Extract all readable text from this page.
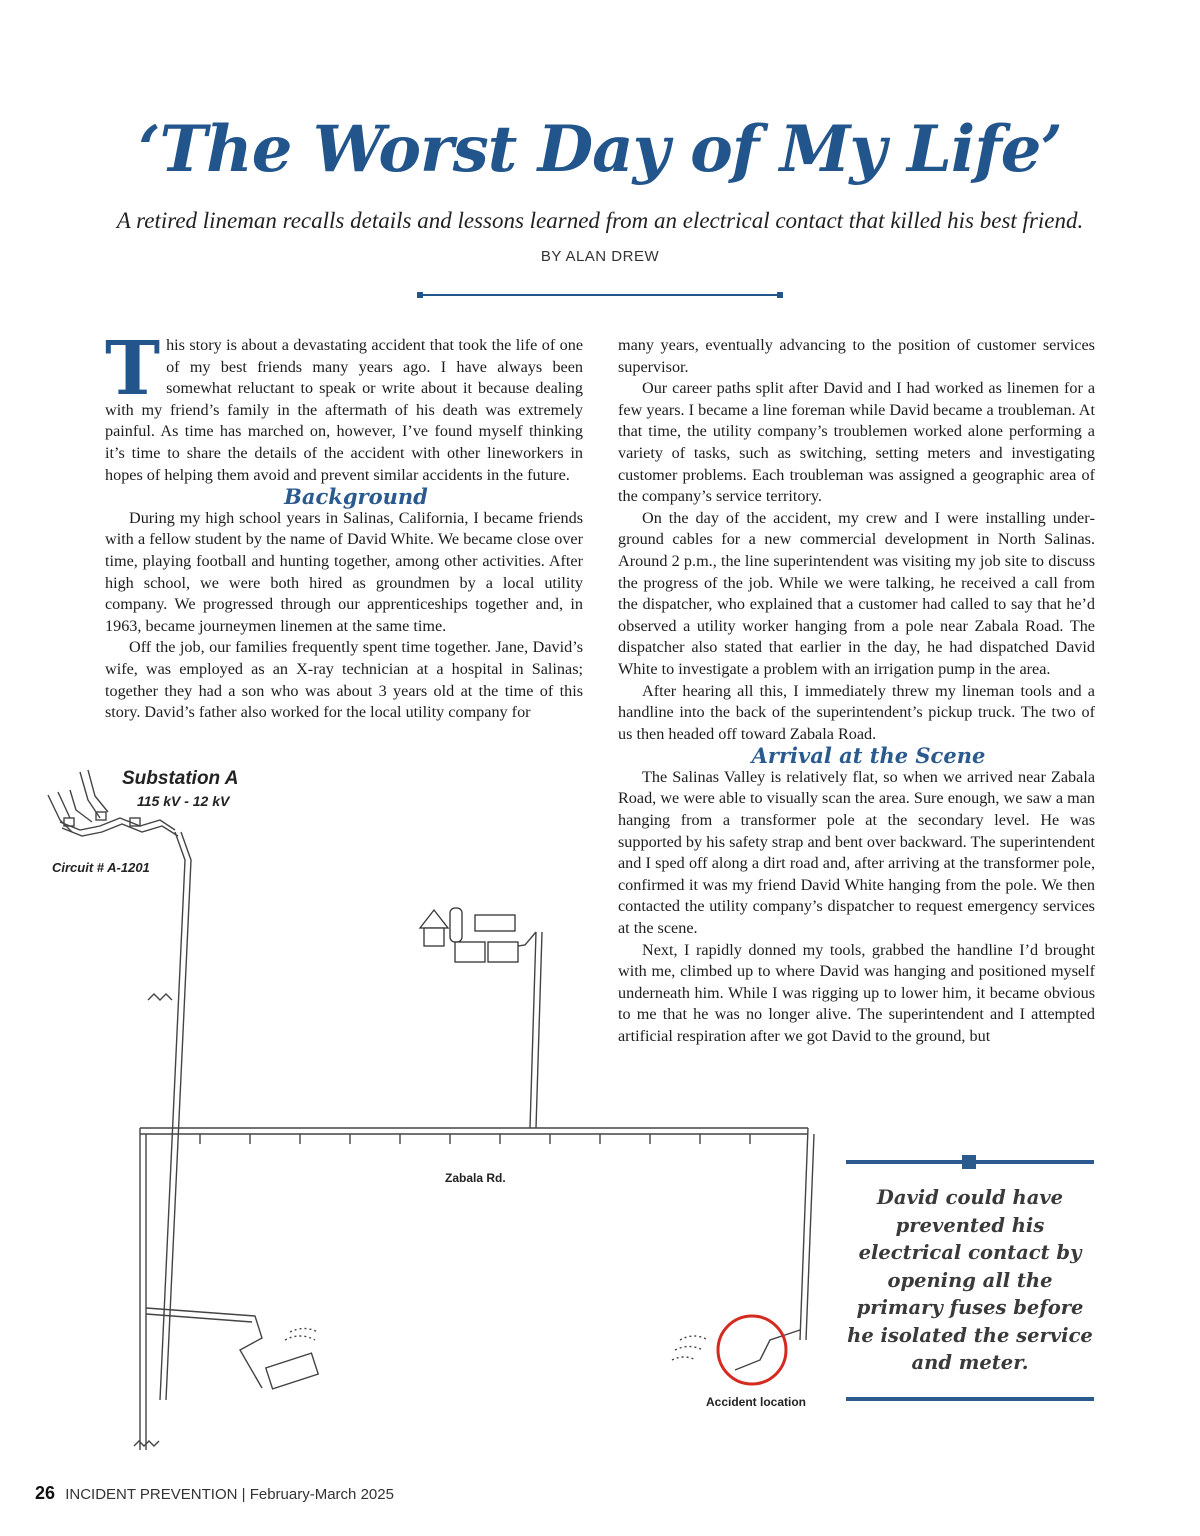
‘The Worst Day of My Life’

A retired lineman recalls details and lessons learned from an electrical contact that killed his best friend.

BY ALAN DREW

This story is about a devastating accident that took the life of one of my best friends many years ago. I have always been somewhat reluctant to speak or write about it because dealing with my friend’s family in the aftermath of his death was extremely painful. As time has marched on, however, I’ve found myself thinking it’s time to share the details of the accident with other lineworkers in hopes of helping them avoid and prevent similar accidents in the future.

Background

During my high school years in Salinas, California, I became friends with a fellow student by the name of David White. We became close over time, playing football and hunting together, among other activities. After high school, we were both hired as groundmen by a local utility company. We progressed through our apprenticeships together and, in 1963, became journeymen linemen at the same time.

Off the job, our families frequently spent time together. Jane, David’s wife, was employed as an X-ray technician at a hospital in Salinas; together they had a son who was about 3 years old at the time of this story. David’s father also worked for the local utility company for

many years, eventually advancing to the position of customer services supervisor.

Our career paths split after David and I had worked as linemen for a few years. I became a line foreman while David became a troubleman. At that time, the utility company’s troublemen worked alone performing a variety of tasks, such as switching, setting meters and investigating customer problems. Each troubleman was assigned a geographic area of the company’s service territory.

On the day of the accident, my crew and I were installing underground cables for a new commercial development in North Salinas. Around 2 p.m., the line superintendent was visiting my job site to discuss the progress of the job. While we were talking, he received a call from the dispatcher, who explained that a customer had called to say that he’d observed a utility worker hanging from a pole near Zabala Road. The dispatcher also stated that earlier in the day, he had dispatched David White to investigate a problem with an irrigation pump in the area.

After hearing all this, I immediately threw my lineman tools and a handline into the back of the superintendent’s pickup truck. The two of us then headed off toward Zabala Road.

Arrival at the Scene

The Salinas Valley is relatively flat, so when we arrived near Zabala Road, we were able to visually scan the area. Sure enough, we saw a man hanging from a transformer pole at the secondary level. He was supported by his safety strap and bent over backward. The superintendent and I sped off along a dirt road and, after arriving at the transformer pole, confirmed it was my friend David White hanging from the pole. We then contacted the utility company’s dispatcher to request emergency services at the scene.

Next, I rapidly donned my tools, grabbed the handline I’d brought with me, climbed up to where David was hanging and positioned myself underneath him. While I was rigging up to lower him, it became obvious to me that he was no longer alive. The superintendent and I attempted artificial respiration after we got David to the ground, but

Substation A
115 kV - 12 kV
Circuit # A-1201
Zabala Rd.
Accident location

David could have prevented his electrical contact by opening all the primary fuses before he isolated the service and meter.

26 INCIDENT PREVENTION | February-March 2025
